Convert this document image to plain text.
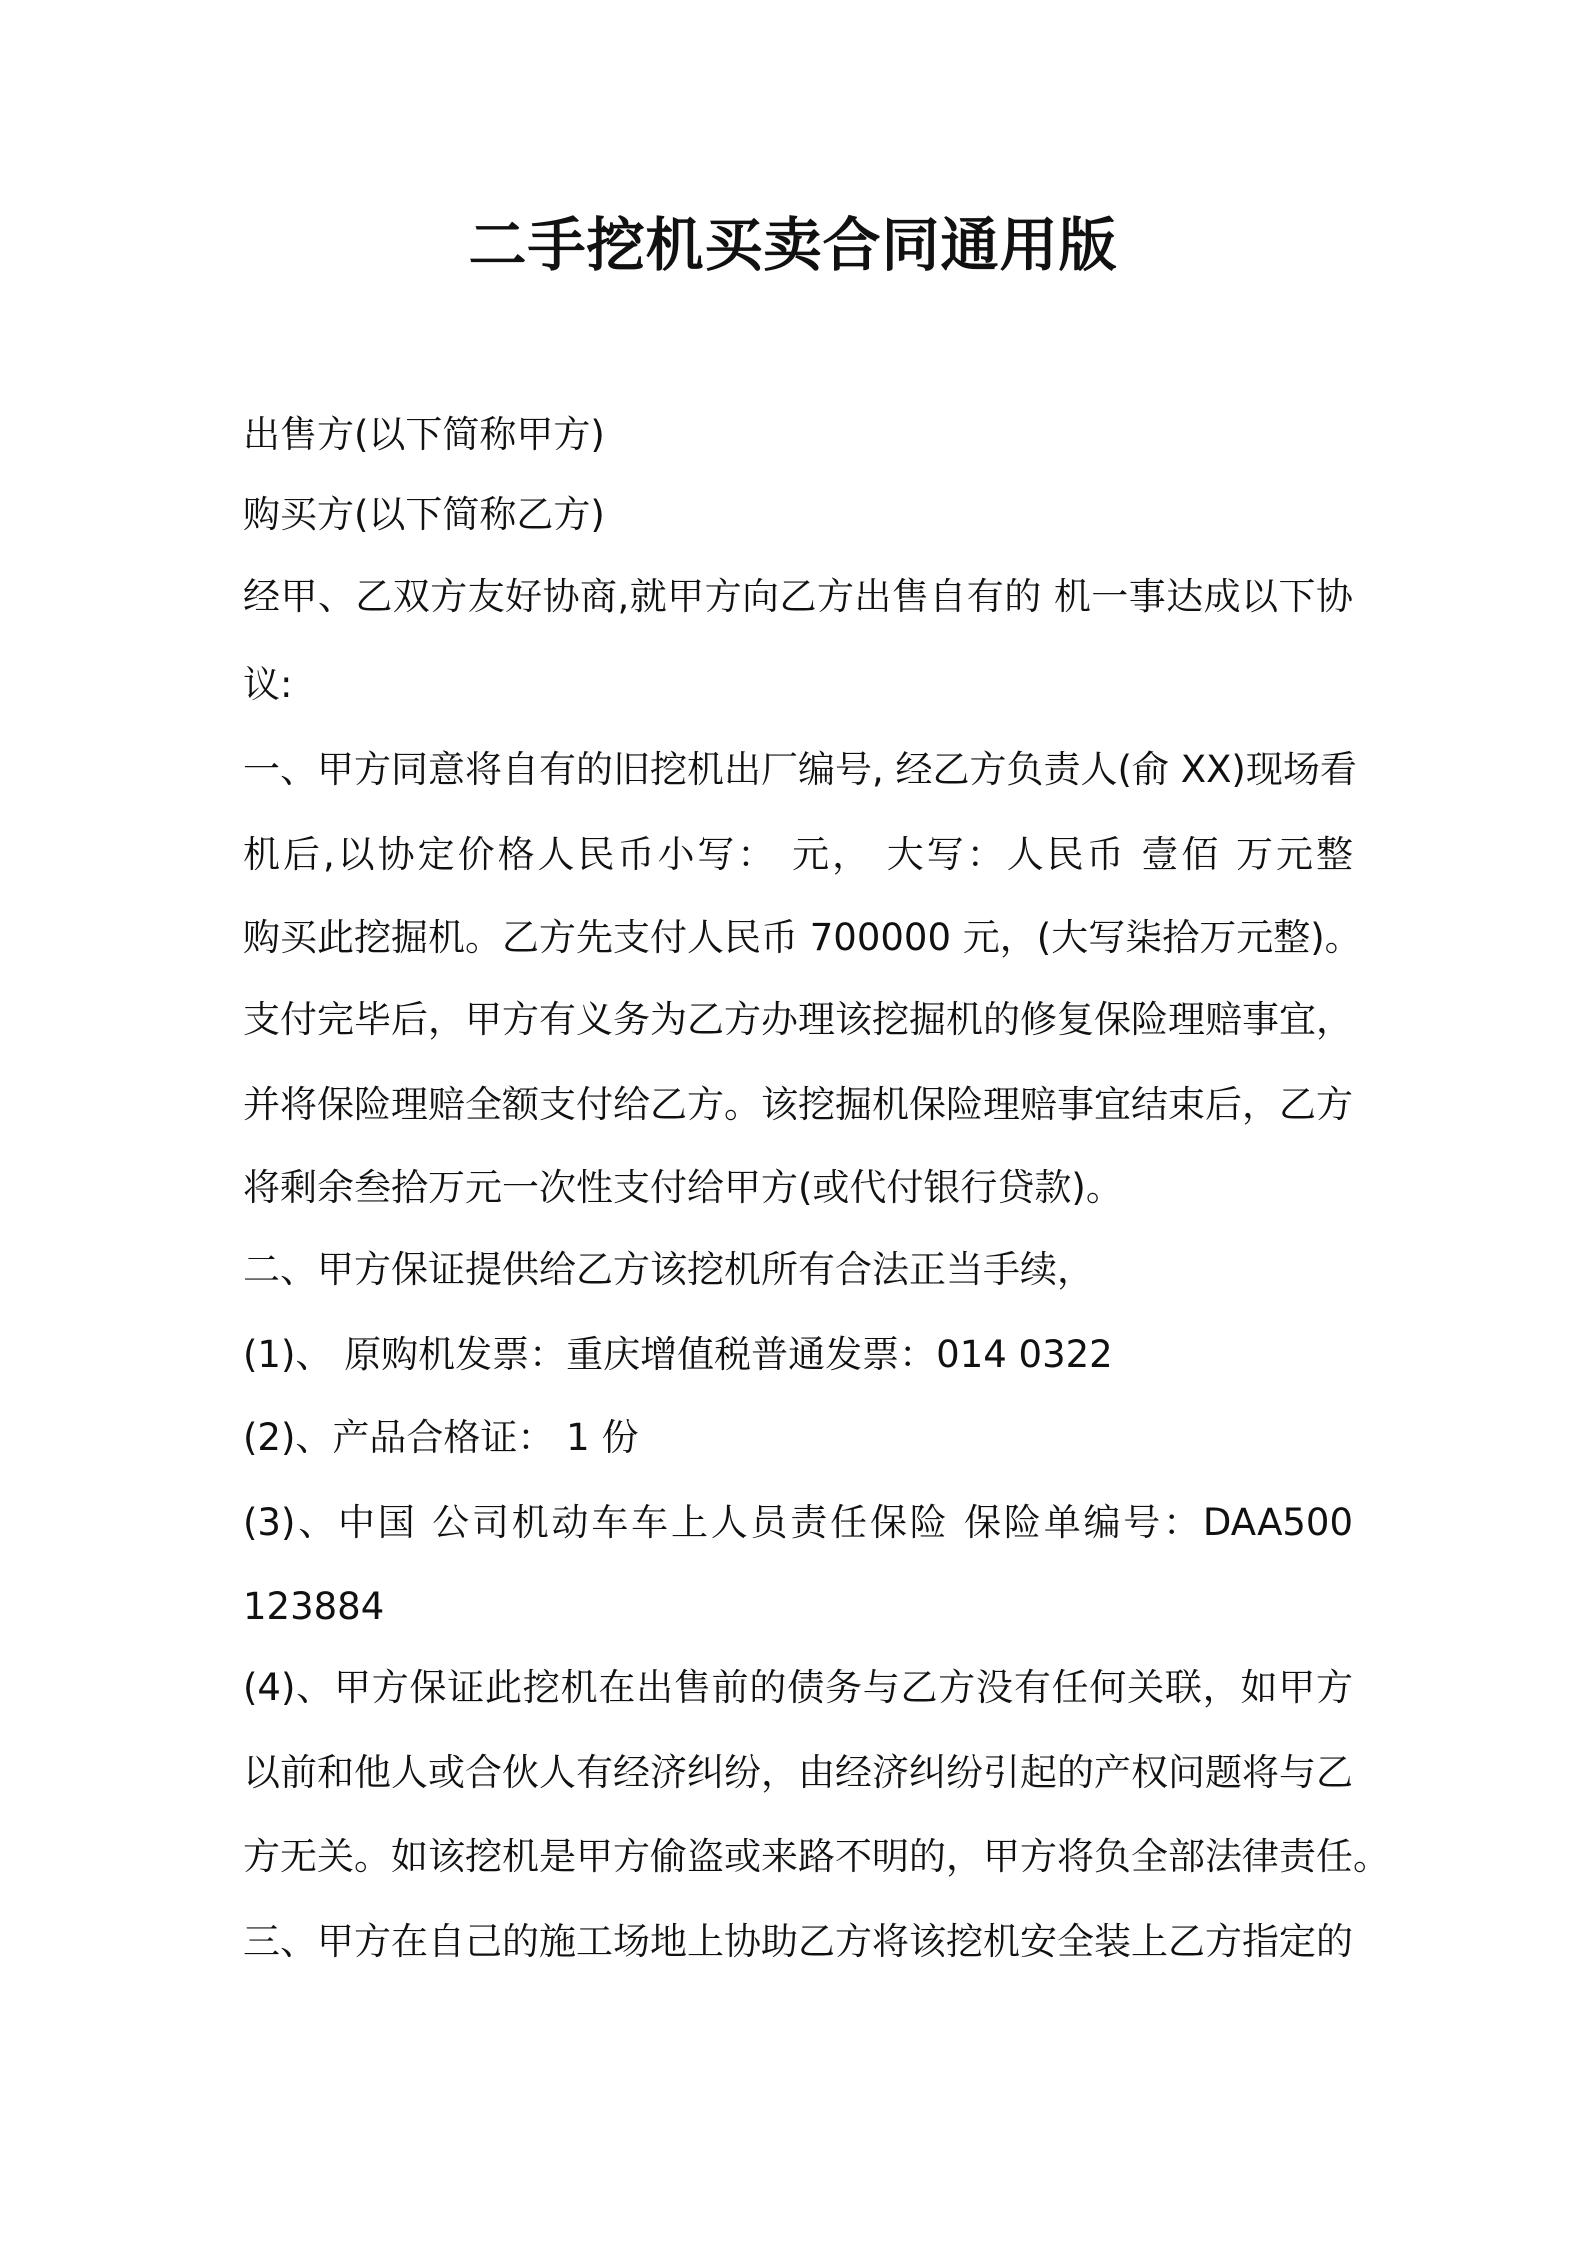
二手挖机买卖合同通用版
出售方(以下简称甲方)
购买方(以下简称乙方)
经甲、乙双方友好协商,就甲方向乙方出售自有的 机一事达成以下协
议:
一、甲方同意将自有的旧挖机出厂编号, 经乙方负责人(俞 XX)现场看
机后,以协定价格人民币小写： 元， 大写：人民币 壹佰 万元整
购买此挖掘机。乙方先支付人民币 700000 元，(大写柒拾万元整)。
支付完毕后，甲方有义务为乙方办理该挖掘机的修复保险理赔事宜，
并将保险理赔全额支付给乙方。该挖掘机保险理赔事宜结束后，乙方
将剩余叁拾万元一次性支付给甲方(或代付银行贷款)。
二、甲方保证提供给乙方该挖机所有合法正当手续，
(1)、 原购机发票：重庆增值税普通发票：014 0322
(2)、产品合格证： 1 份
(3)、中国 公司机动车车上人员责任保险 保险单编号：DAA500
123884
(4)、甲方保证此挖机在出售前的债务与乙方没有任何关联，如甲方
以前和他人或合伙人有经济纠纷，由经济纠纷引起的产权问题将与乙
方无关。如该挖机是甲方偷盗或来路不明的，甲方将负全部法律责任。
三、甲方在自己的施工场地上协助乙方将该挖机安全装上乙方指定的
